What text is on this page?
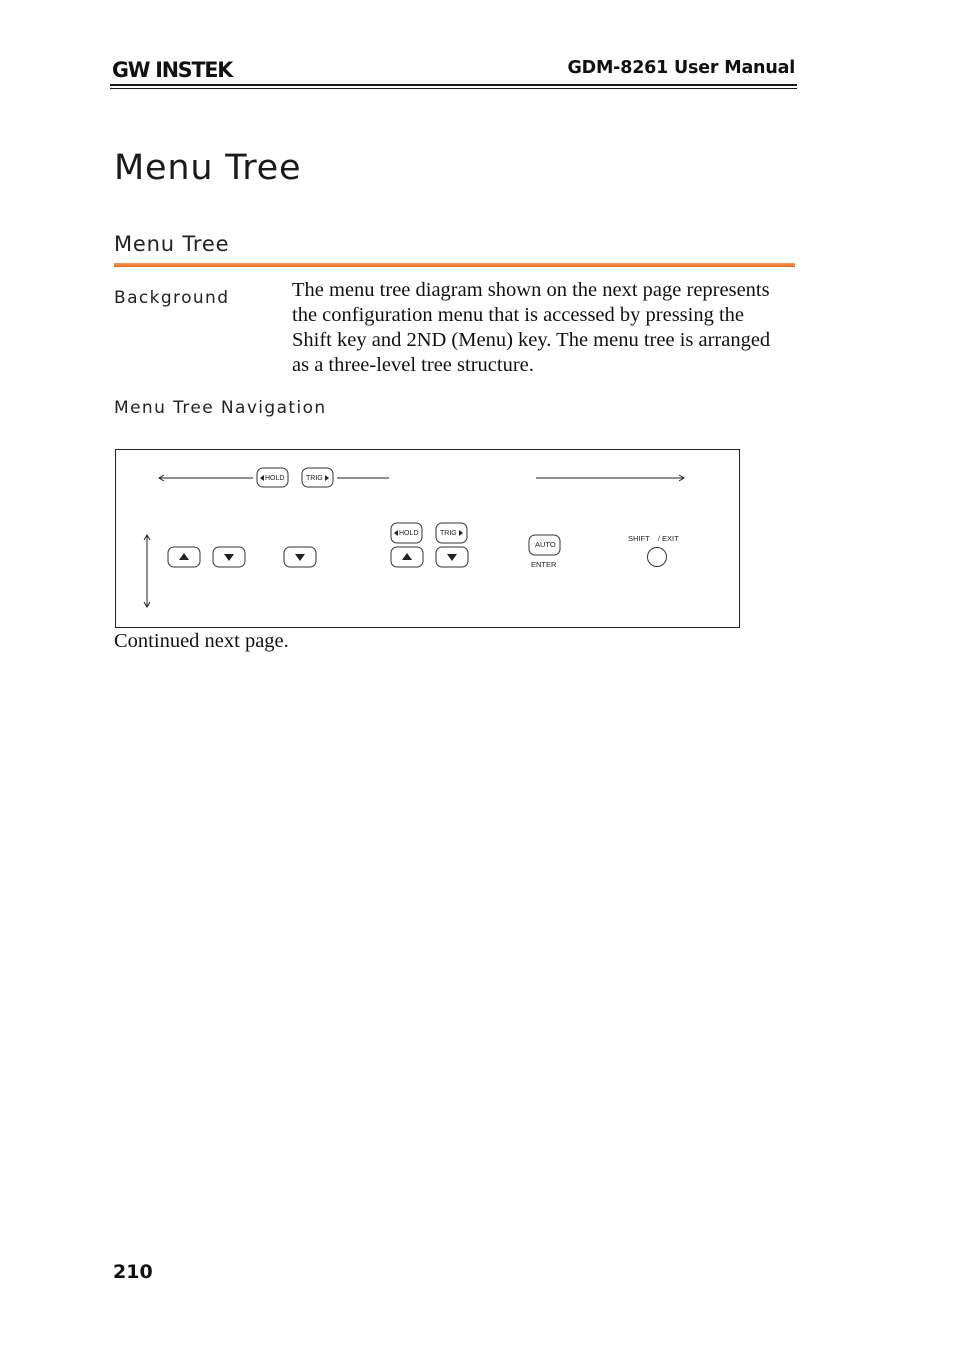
GW INSTEK	GDM-8261 User Manual
Menu Tree
Menu Tree
Background	The menu tree diagram shown on the next page represents the configuration menu that is accessed by pressing the Shift key and 2ND (Menu) key. The menu tree is arranged as a three-level tree structure.
Menu Tree Navigation
HOLD	TRIG
HOLD	TRIG
AUTO
ENTER
SHIFT    / EXIT
Continued next page.
210
